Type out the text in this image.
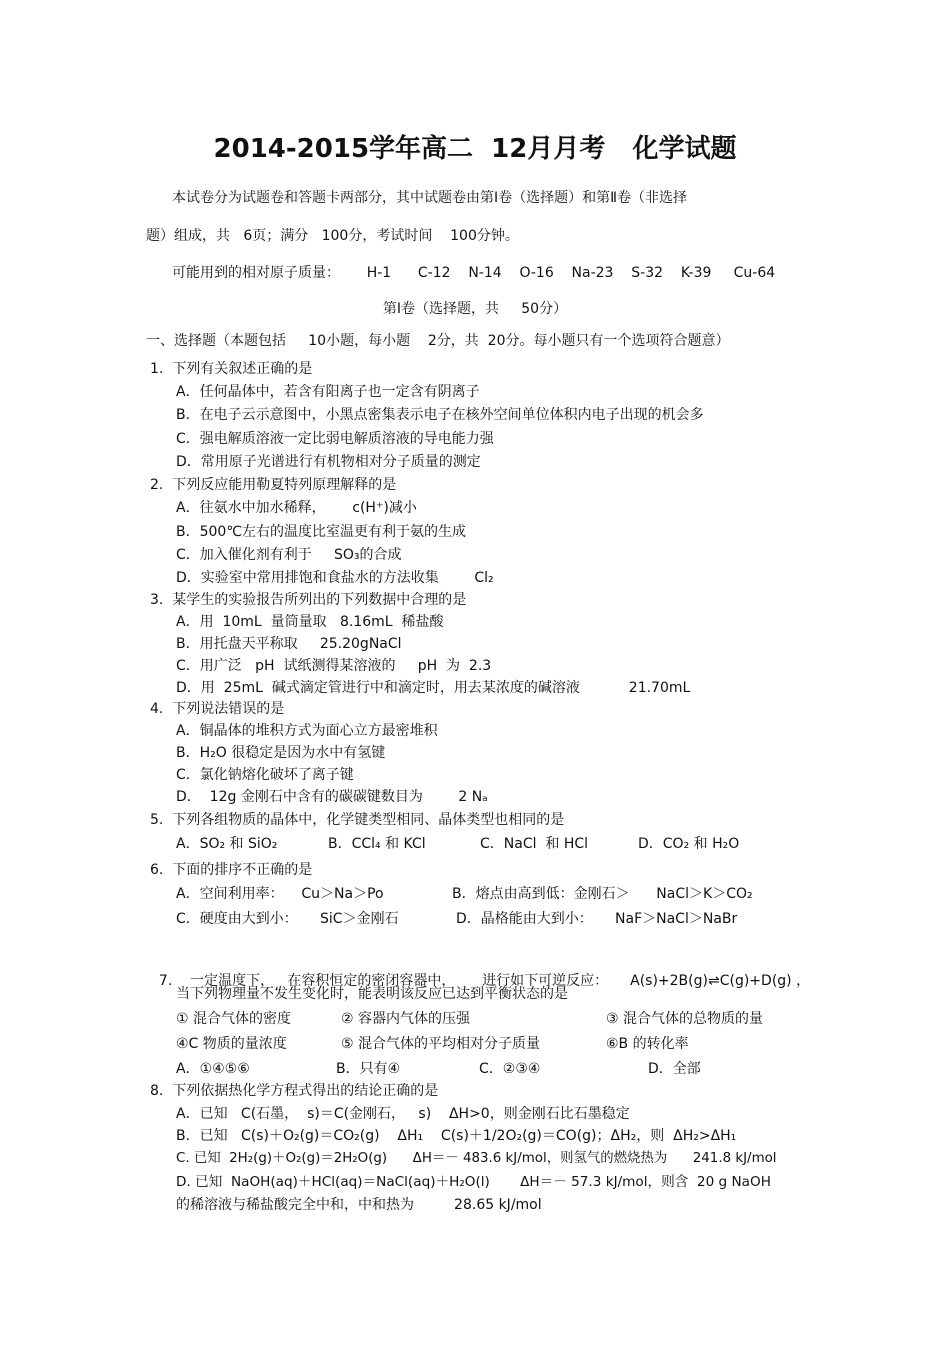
2014-2015学年高二  12月月考   化学试题
本试卷分为试题卷和答题卡两部分，其中试题卷由第Ⅰ卷（选择题）和第Ⅱ卷（非选择
题）组成，共   6页；满分   100分，考试时间    100分钟。
可能用到的相对原子质量：      H-1      C-12    N-14    O-16    Na-23    S-32    K-39     Cu-64
第Ⅰ卷（选择题，共     50分）
一、选择题（本题包括     10小题，每小题    2分，共  20分。每小题只有一个选项符合题意）
1.  下列有关叙述正确的是
A．任何晶体中，若含有阳离子也一定含有阴离子
B．在电子云示意图中，小黑点密集表示电子在核外空间单位体积内电子出现的机会多
C．强电解质溶液一定比弱电解质溶液的导电能力强
D．常用原子光谱进行有机物相对分子质量的测定
2.  下列反应能用勒夏特列原理解释的是
A．往氨水中加水稀释，      c(H⁺)减小
B．500℃左右的温度比室温更有利于氨的生成
C．加入催化剂有利于     SO₃的合成
D．实验室中常用排饱和食盐水的方法收集        Cl₂
3.  某学生的实验报告所列出的下列数据中合理的是
A．用  10mL  量筒量取   8.16mL  稀盐酸
B．用托盘天平称取     25.20gNaCl
C．用广泛   pH  试纸测得某溶液的     pH  为  2.3
D．用  25mL  碱式滴定管进行中和滴定时，用去某浓度的碱溶液           21.70mL
4.  下列说法错误的是
A．铜晶体的堆积方式为面心立方最密堆积
B．H₂O 很稳定是因为水中有氢键
C．氯化钠熔化破坏了离子键
D．  12g 金刚石中含有的碳碳键数目为        2 Nₐ
5.  下列各组物质的晶体中，化学键类型相同、晶体类型也相同的是

A．SO₂ 和 SiO₂

	B．CCl₄ 和 KCl

	C．NaCl  和 HCl

	D．CO₂ 和 H₂O

6.  下面的排序不正确的是

A．空间利用率：    Cu＞Na＞Po

	B．熔点由高到低：金刚石＞      NaCl＞K＞CO₂

C．硬度由大到小：     SiC＞金刚石

	D．晶格能由大到小：     NaF＞NaCl＞NaBr

7.    一定温度下，   在容积恒定的密闭容器中，      进行如下可逆反应： A(s)+2B(g)⇌C(g)+D(g) ，

当下列物理量不发生变化时，能表明该反应已达到平衡状态的是

① 混合气体的密度

	② 容器内气体的压强

	③ 混合气体的总物质的量

④C 物质的量浓度

	⑤ 混合气体的平均相对分子质量

	⑥B 的转化率

A．①④⑤⑥

	B．只有④

	C．②③④

	D．全部

8.  下列依据热化学方程式得出的结论正确的是
A．已知   C(石墨，  s)＝C(金刚石，   s)    ΔH>0，则金刚石比石墨稳定
B．已知   C(s)＋O₂(g)＝CO₂(g)    ΔH₁    C(s)＋1/2O₂(g)＝CO(g)；ΔH₂，则  ΔH₂>ΔH₁
C. 已知  2H₂(g)＋O₂(g)＝2H₂O(g)      ΔH＝－ 483.6 kJ/mol，则氢气的燃烧热为      241.8 kJ/mol
D. 已知  NaOH(aq)＋HCl(aq)＝NaCl(aq)＋H₂O(l)       ΔH＝－ 57.3 kJ/mol，则含  20 g NaOH
的稀溶液与稀盐酸完全中和，中和热为         28.65 kJ/mol
